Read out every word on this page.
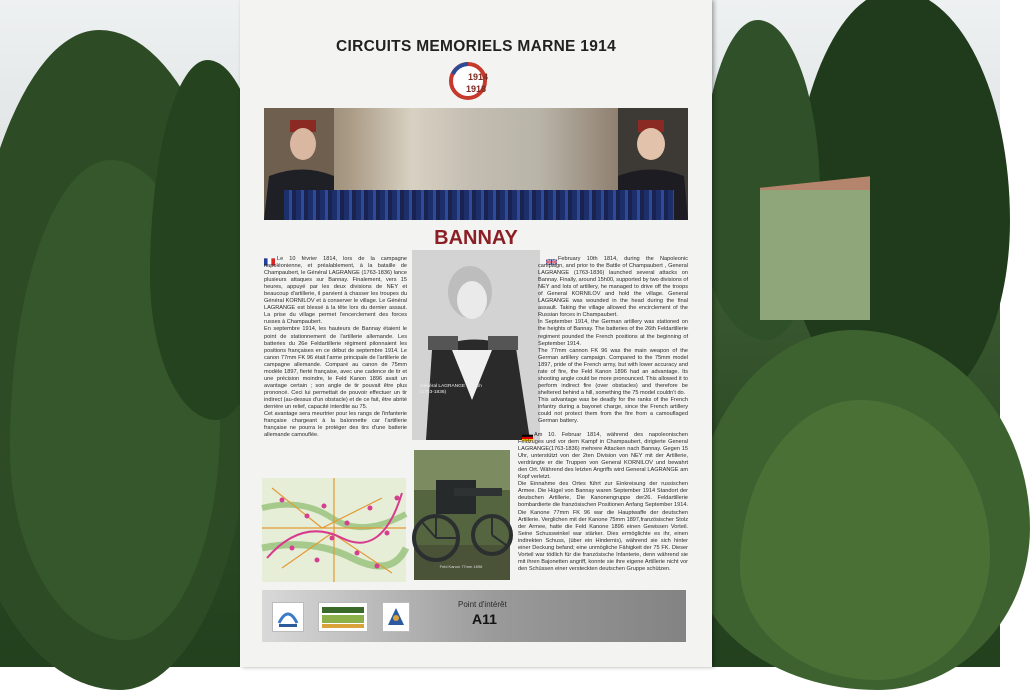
CIRCUITS MEMORIELS MARNE 1914
1914
1918
BANNAY
Le 10 février 1814, lors de la campagne napoléonienne, et préalablement, à la bataille de Champaubert, le Général LAGRANGE (1763-1836) lance plusieurs attaques sur Bannay. Finalement, vers 15 heures, appuyé par les deux divisions de NEY et beaucoup d'artillerie, il parvient à chasser les troupes du Général KORNILOV et à conserver le village. Le Général LAGRANGE est blessé à la tête lors du dernier assaut. La prise du village permet l'encerclement des forces russes à Champaubert.
En septembre 1914, les hauteurs de Bannay étaient le point de stationnement de l'artillerie allemande. Les batteries du 26e Feldartillerie régiment pilonnaient les positions françaises en ce début de septembre 1914. Le canon 77mm FK 96 était l'arme principale de l'artillerie de campagne allemande. Comparé au canon de 75mm modèle 1897, fierté française, avec une cadence de tir et une précision moindre, le Feld Kanon 1896 avait un avantage certain ; son angle de tir pouvait être plus prononcé. Ceci lui permettait de pouvoir effectuer un tir indirect (au-dessus d'un obstacle) et de ce fait, être abrité derrière un relief, capacité interdite au 75.
Cet avantage sera meurtrier pour les rangs de l'infanterie française chargeant à la baïonnette car l'artillerie française ne pourra le protéger des tirs d'une batterie allemande camouflée.
Général LAGRANGE Joseph (1763-1836)
February 10th 1814, during the Napoleonic campaign, and prior to the Battle of Champaubert , General LAGRANGE (1763-1836) launched several attacks on Bannay. Finally, around 15h00, supported by two divisions of NEY and lots of artillery, he managed to drive off the troops of General KORNILOV and hold the village. General LAGRANGE was wounded in the head during the final assault. Taking the village allowed the encirclement of the Russian forces in Champaubert.
In September 1914, the German artillery was stationed on the heights of Bannay. The batteries of the 26th Feldartillerie regiment pounded the French positions at the beginning of September 1914.
The 77mm cannon FK 96 was the main weapon of the German artillery campaign. Compared to the 75mm model 1897, pride of the French army, but with lower accuracy and rate of fire, the Feld Kanon 1896 had an advantage. Its shooting angle could be more pronounced. This allowed it to perform indirect fire (over obstacles) and therefore be sheltered behind a hill, something the 75 model couldn't do.
This advantage was be deadly for the ranks of the French infantry during a bayonet charge, since the French artillery could not protect them from the fire from a camouflaged German battery.
Am 10. Februar 1814, während des napoleonischen Feldzuges und vor dem Kampf in Champaubert, dirigierte General LAGRANGE(1763-1836) mehrere Attacken nach Bannay. Gegen 15 Uhr, unterstützt von der 2ten Division von NEY mit der Artillerie, verdrängte er die Truppen von General KORNILOV und bewahrt den Ort. Während des letzten Angriffs wird General LAGRANGE am Kopf verletzt.
Die Einnahme des Ortes führt zur Einkreisung der russischen Armee. Die Hügel von Bannay waren September 1914 Standort der deutschen Artillerie, Die Kanonengruppe der26. Feldartillerie bombardierte die französischen Positionen Anfang September 1914. Die Kanone 77mm FK 96 war die Hauptwaffe der deutschen Artillerie. Verglichen mit der Kanone 75mm 1897,französischer Stolz der Armee, hatte die Feld Kanone 1896 einen Gewissen Vorteil. Seine Schusswinkel war stärker. Dies ermöglichte es ihr, einen indirekten Schuss, (über ein Hindernis), während sie sich hinter einer Deckung befand; eine unmögliche Fähigkeit der 75 FK. Dieser Vorteil war tödlich für die französische Infanterie, denn während sie mit ihren Bajonetten angriff, konnte sie ihre eigene Artillerie nicht vor den Schüssen einer versteckten deutschen Gruppe schützen.
Feld Kanon 77mm 1896
Point d'intérêt
A11
